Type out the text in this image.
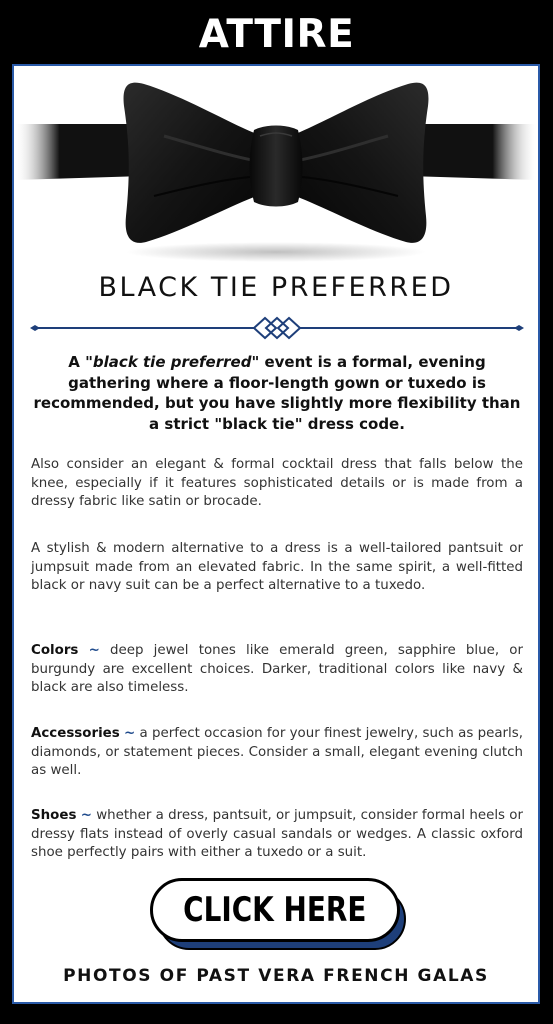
ATTIRE
BLACK TIE PREFERRED
A "black tie preferred" event is a formal, evening gathering where a floor-length gown or tuxedo is recommended, but you have slightly more flexibility than a strict "black tie" dress code.
Also consider an elegant & formal cocktail dress that falls below the knee, especially if it features sophisticated details or is made from a dressy fabric like satin or brocade.
A stylish & modern alternative to a dress is a well-tailored pantsuit or jumpsuit made from an elevated fabric. In the same spirit, a well-fitted black or navy suit can be a perfect alternative to a tuxedo.
Colors ~ deep jewel tones like emerald green, sapphire blue, or burgundy are excellent choices. Darker, traditional colors like navy & black are also timeless.
Accessories ~ a perfect occasion for your finest jewelry, such as pearls, diamonds, or statement pieces. Consider a small, elegant evening clutch as well.
Shoes ~ whether a dress, pantsuit, or jumpsuit, consider formal heels or dressy flats instead of overly casual sandals or wedges. A classic oxford shoe perfectly pairs with either a tuxedo or a suit.
CLICK HERE
PHOTOS OF PAST VERA FRENCH GALAS
